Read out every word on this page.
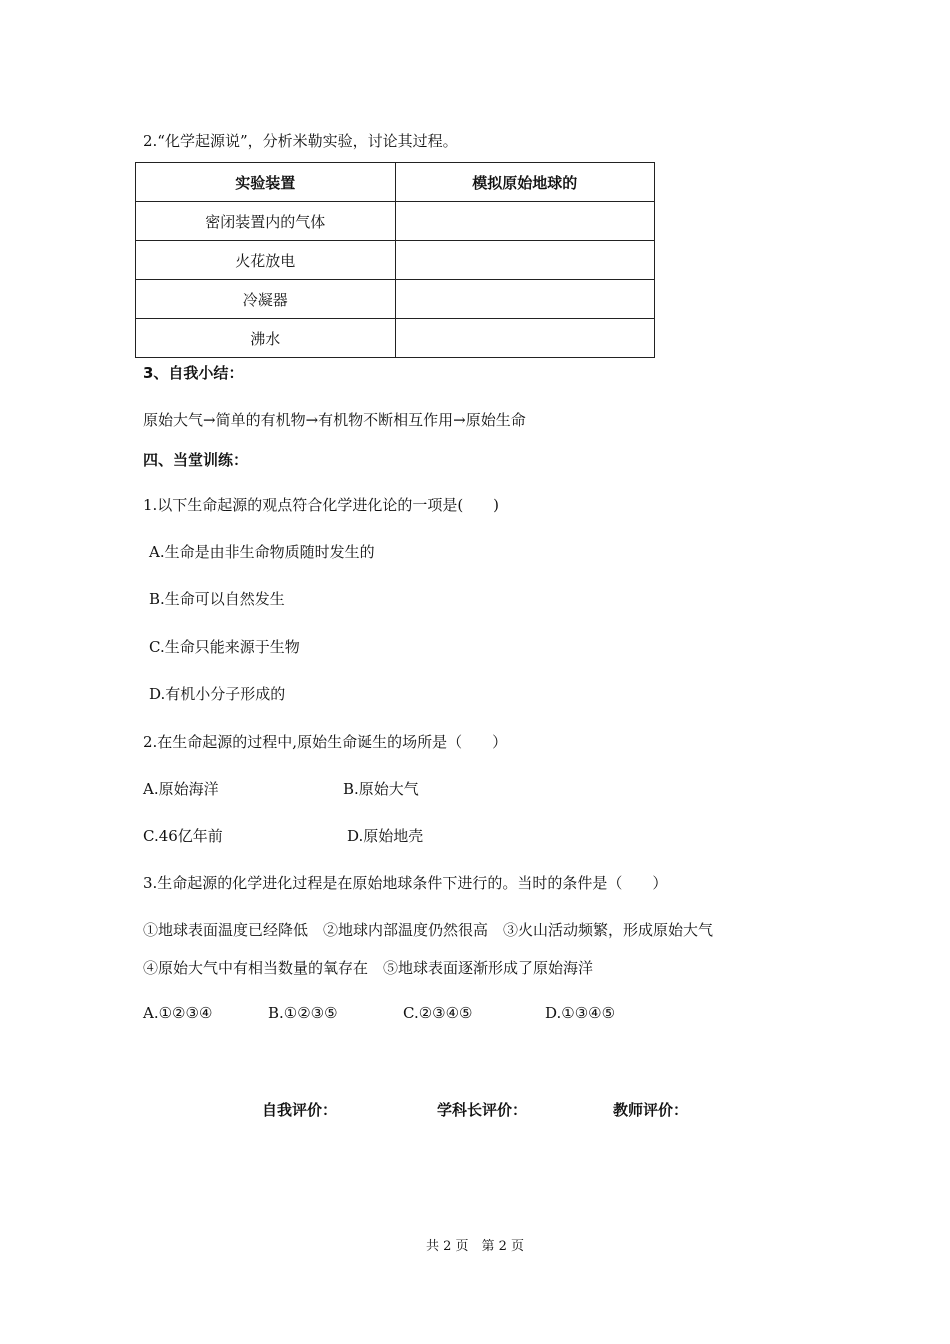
2.“化学起源说”，分析米勒实验，讨论其过程。
实验装置	模拟原始地球的
密闭装置内的气体	
火花放电	
冷凝器	
沸水	
3、自我小结：
原始大气→简单的有机物→有机物不断相互作用→原始生命
四、当堂训练：
1.以下生命起源的观点符合化学进化论的一项是(　　)
A.生命是由非生命物质随时发生的
B.生命可以自然发生
C.生命只能来源于生物
D.有机小分子形成的
2.在生命起源的过程中,原始生命诞生的场所是（　　）
A.原始海洋	B.原始大气
C.46亿年前	D.原始地壳
3.生命起源的化学进化过程是在原始地球条件下进行的。当时的条件是（　　）
①地球表面温度已经降低　②地球内部温度仍然很高　③火山活动频繁，形成原始大气
④原始大气中有相当数量的氧存在　⑤地球表面逐渐形成了原始海洋
A.①②③④	B.①②③⑤	C.②③④⑤	D.①③④⑤
自我评价：	学科长评价：	教师评价：
共 2 页　第 2 页
